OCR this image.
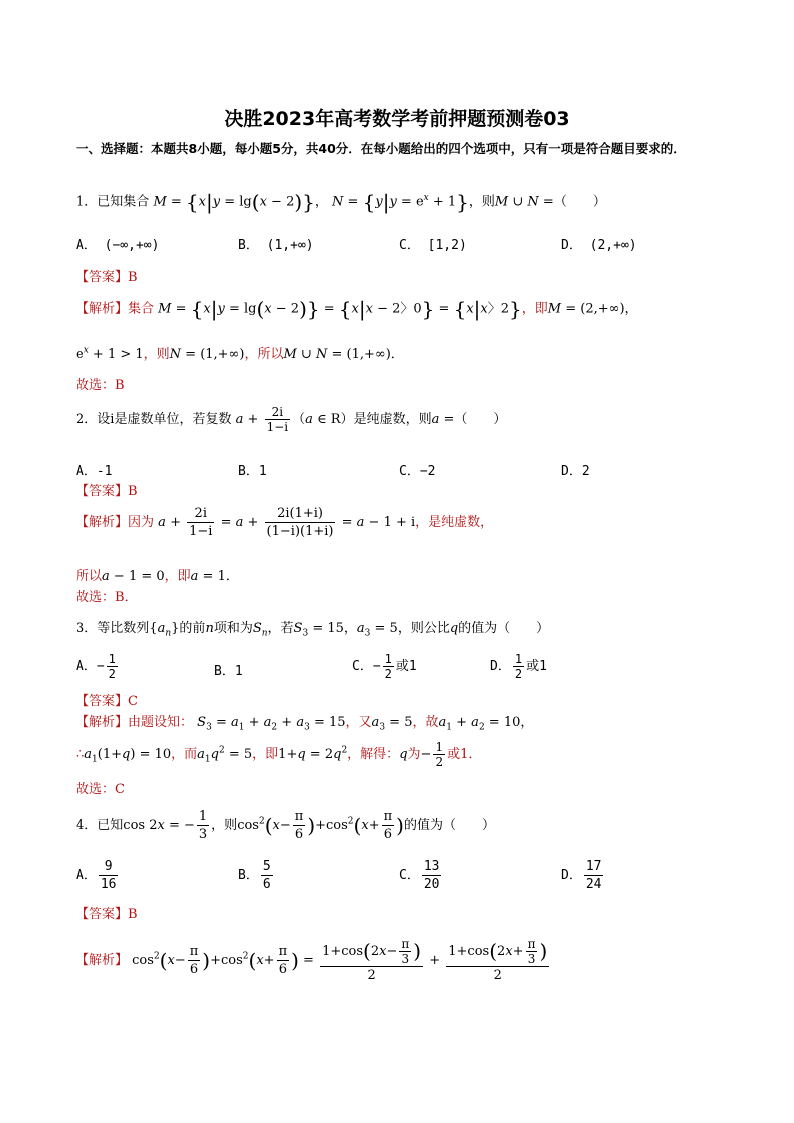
决胜2023年高考数学考前押题预测卷03
一、选择题：本题共8小题，每小题5分，共40分．在每小题给出的四个选项中，只有一项是符合题目要求的．
1．已知集合 M = {x|y = lg(x − 2)}， $N = \{y|y = e^x + 1\}$，则M ∪ N =（　　）
A． (−∞,+∞)	B． (1,+∞)	C． [1,2)	D． (2,+∞)
【答案】B
【解析】集合 M = {x|y = lg(x − 2)} = {x|x − 2〉0} = {x|x〉2}，即M = (2,+∞)，
$e^x + 1 > 1$，则N = (1,+∞)，所以M ∪ N = (1,+∞)．
故选：B
2．设i是虚数单位，若复数 $a + \frac{2i}{1-i} (a$ ∈ R）是纯虚数，则a =（　　）
A．-1	B．1	C．−2	D．2
【答案】B
【解析】因为 $a + \frac{2i}{1-i} = a + \frac{2i(1+i)}{(1-i)(1+i)} = a - 1 + i$，是纯虚数，
所以a − 1 = 0，即a = 1．
故选：B．
3．等比数列$\{a_n\}$的前n项和为$S_n$，若$S_3 = 15$，$a_3 = 5$，则公比q的值为（　　）
A．− $\frac{1}{2}$	B．1	C．− $\frac{1}{2}$ 或1	D． $\frac{1}{2}$ 或1
【答案】C
【解析】由题设知： $S_3 = a_1 + a_2 + a_3 = 15$，又$a_3 = 5$，故$a_1 + a_2 = 10$，
$\therefore a_1(1+q) = 10$，而$a_1q^2 = 5$，即$1+q = 2q^2$，解得：q为− $\frac{1}{2}$ 或1．
故选：C
4．已知cos 2x = − $\frac{1}{3}$ ，则$\cos^2(x- \frac{\pi}{6} )+\cos^2(x+ \frac{\pi}{6}$ )的值为（　　）
A． $\frac{9}{16}$	B． $\frac{5}{6}$	C． $\frac{13}{20}$	D． $\frac{17}{24}$
【答案】B
【解析】 $\cos^2(x- \frac{\pi}{6} )+\cos^2(x+ \frac{\pi}{6}$ ) = $\frac{1+\cos(2x- \frac{\pi}{3} )}{2} + \frac{1+\cos(2x+ \frac{\pi}{3} )}{2}$
